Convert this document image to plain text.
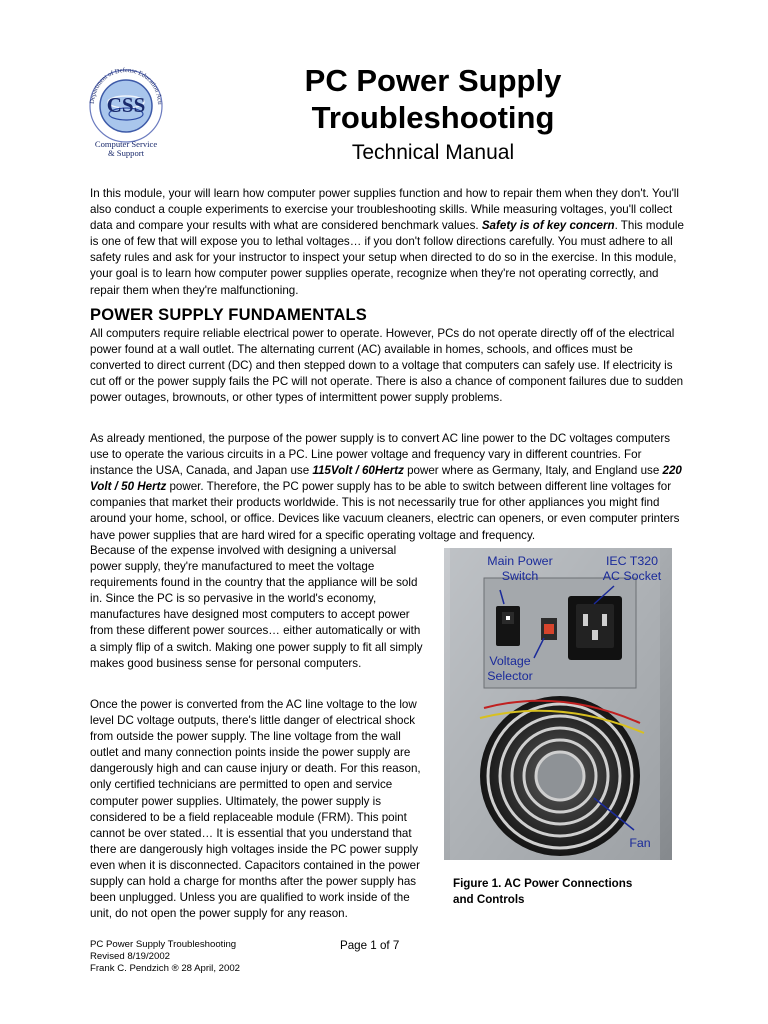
Department of Defense Education Acti
CSS
Computer Service
& Support
PC Power Supply
Troubleshooting
Technical Manual

In this module, your will learn how computer power supplies function and how to repair them when they don't. You'll also conduct a couple experiments to exercise your troubleshooting skills. While measuring voltages, you'll collect data and compare your results with what are considered benchmark values. Safety is of key concern. This module is one of few that will expose you to lethal voltages… if you don't follow directions carefully. You must adhere to all safety rules and ask for your instructor to inspect your setup when directed to do so in the exercise. In this module, your goal is to learn how computer power supplies operate, recognize when they're not operating correctly, and repair them when they're malfunctioning.

POWER SUPPLY FUNDAMENTALS

All computers require reliable electrical power to operate. However, PCs do not operate directly off of the electrical power found at a wall outlet. The alternating current (AC) available in homes, schools, and offices must be converted to direct current (DC) and then stepped down to a voltage that computers can safely use. If electricity is cut off or the power supply fails the PC will not operate. There is also a chance of component failures due to sudden power outages, brownouts, or other types of intermittent power supply problems.

As already mentioned, the purpose of the power supply is to convert AC line power to the DC voltages computers use to operate the various circuits in a PC. Line power voltage and frequency vary in different countries. For instance the USA, Canada, and Japan use 115Volt / 60Hertz power where as Germany, Italy, and England use 220 Volt / 50 Hertz power. Therefore, the PC power supply has to be able to switch between different line voltages for companies that market their products worldwide. This is not necessarily true for other appliances you might find around your home, school, or office. Devices like vacuum cleaners, electric can openers, or even computer printers have power supplies that are hard wired for a specific operating voltage and frequency.

Because of the expense involved with designing a universal power supply, they're manufactured to meet the voltage requirements found in the country that the appliance will be sold in. Since the PC is so pervasive in the world's economy, manufactures have designed most computers to accept power from these different power sources… either automatically or with a simply flip of a switch. Making one power supply to fit all simply makes good business sense for personal computers.

Once the power is converted from the AC line voltage to the low level DC voltage outputs, there's little danger of electrical shock from outside the power supply. The line voltage from the wall outlet and many connection points inside the power supply are dangerously high and can cause injury or death. For this reason, only certified technicians are permitted to open and service computer power supplies. Ultimately, the power supply is considered to be a field replaceable module (FRM). This point cannot be over stated… It is essential that you understand that there are dangerously high voltages inside the PC power supply even when it is disconnected. Capacitors contained in the power supply can hold a charge for months after the power supply has been unplugged. Unless you are qualified to work inside of the unit, do not open the power supply for any reason.

Main Power
Switch
IEC T320
AC Socket
Voltage
Selector
Fan
Figure 1. AC Power Connections
and Controls
PC Power Supply Troubleshooting
Revised 8/19/2002
Frank C. Pendzich ® 28 April, 2002
Page 1 of 7
